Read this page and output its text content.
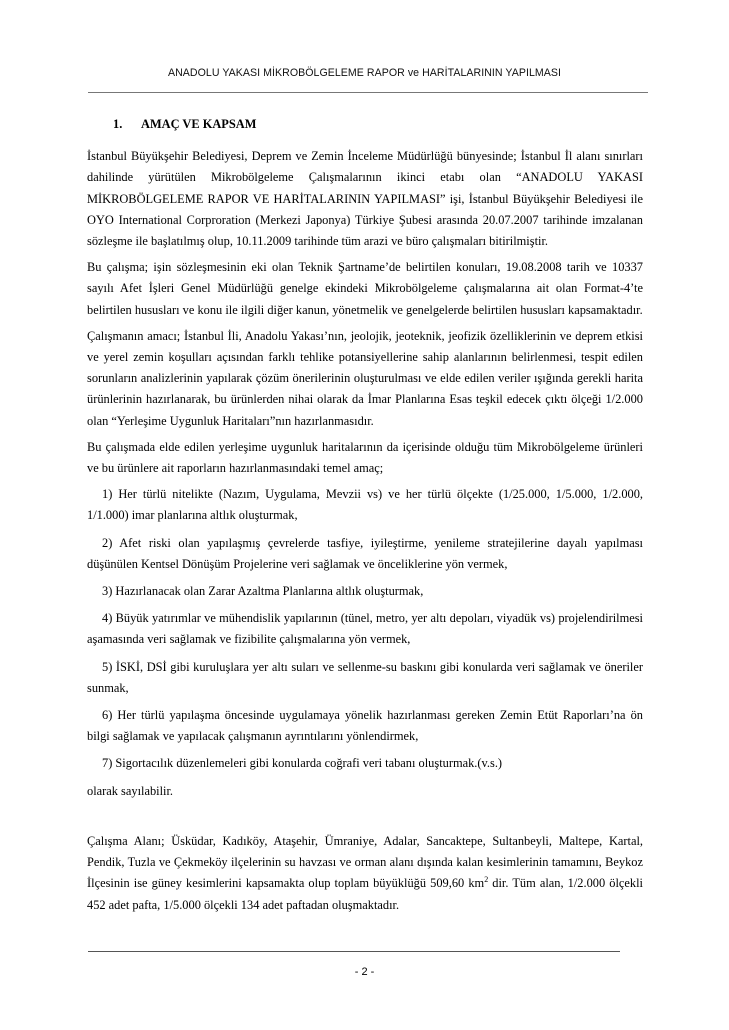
ANADOLU YAKASI MİKROBÖLGELEME RAPOR ve HARİTALARININ YAPILMASI
1. AMAÇ VE KAPSAM

İstanbul Büyükşehir Belediyesi, Deprem ve Zemin İnceleme Müdürlüğü bünyesinde; İstanbul İl alanı sınırları dahilinde yürütülen Mikrobölgeleme Çalışmalarının ikinci etabı olan “ANADOLU YAKASI MİKROBÖLGELEME RAPOR VE HARİTALARININ YAPILMASI” işi, İstanbul Büyükşehir Belediyesi ile OYO International Corproration (Merkezi Japonya) Türkiye Şubesi arasında 20.07.2007 tarihinde imzalanan sözleşme ile başlatılmış olup, 10.11.2009 tarihinde tüm arazi ve büro çalışmaları bitirilmiştir.

Bu çalışma; işin sözleşmesinin eki olan Teknik Şartname’de belirtilen konuları, 19.08.2008 tarih ve 10337 sayılı Afet İşleri Genel Müdürlüğü genelge ekindeki Mikrobölgeleme çalışmalarına ait olan Format-4’te belirtilen hususları ve konu ile ilgili diğer kanun, yönetmelik ve genelgelerde belirtilen hususları kapsamaktadır.

Çalışmanın amacı; İstanbul İli, Anadolu Yakası’nın, jeolojik, jeoteknik, jeofizik özelliklerinin ve deprem etkisi ve yerel zemin koşulları açısından farklı tehlike potansiyellerine sahip alanlarının belirlenmesi, tespit edilen sorunların analizlerinin yapılarak çözüm önerilerinin oluşturulması ve elde edilen veriler ışığında gerekli harita ürünlerinin hazırlanarak, bu ürünlerden nihai olarak da İmar Planlarına Esas teşkil edecek çıktı ölçeği 1/2.000 olan “Yerleşime Uygunluk Haritaları”nın hazırlanmasıdır.

Bu çalışmada elde edilen yerleşime uygunluk haritalarının da içerisinde olduğu tüm Mikrobölgeleme ürünleri ve bu ürünlere ait raporların hazırlanmasındaki temel amaç;

1) Her türlü nitelikte (Nazım, Uygulama, Mevzii vs) ve her türlü ölçekte (1/25.000, 1/5.000, 1/2.000, 1/1.000) imar planlarına altlık oluşturmak,

2) Afet riski olan yapılaşmış çevrelerde tasfiye, iyileştirme, yenileme stratejilerine dayalı yapılması düşünülen Kentsel Dönüşüm Projelerine veri sağlamak ve önceliklerine yön vermek,

3) Hazırlanacak olan Zarar Azaltma Planlarına altlık oluşturmak,

4) Büyük yatırımlar ve mühendislik yapılarının (tünel, metro, yer altı depoları, viyadük vs) projelendirilmesi aşamasında veri sağlamak ve fizibilite çalışmalarına yön vermek,

5) İSKİ, DSİ gibi kuruluşlara yer altı suları ve sellenme-su baskını gibi konularda veri sağlamak ve öneriler sunmak,

6) Her türlü yapılaşma öncesinde uygulamaya yönelik hazırlanması gereken Zemin Etüt Raporları’na ön bilgi sağlamak ve yapılacak çalışmanın ayrıntılarını yönlendirmek,

7) Sigortacılık düzenlemeleri gibi konularda coğrafi veri tabanı oluşturmak.(v.s.)

olarak sayılabilir.

Çalışma Alanı; Üsküdar, Kadıköy, Ataşehir, Ümraniye, Adalar, Sancaktepe, Sultanbeyli, Maltepe, Kartal, Pendik, Tuzla ve Çekmeköy ilçelerinin su havzası ve orman alanı dışında kalan kesimlerinin tamamını, Beykoz İlçesinin ise güney kesimlerini kapsamakta olup toplam büyüklüğü 509,60 $km^2$ dir. Tüm alan, 1/2.000 ölçekli 452 adet pafta, 1/5.000 ölçekli 134 adet paftadan oluşmaktadır.

- 2 -
